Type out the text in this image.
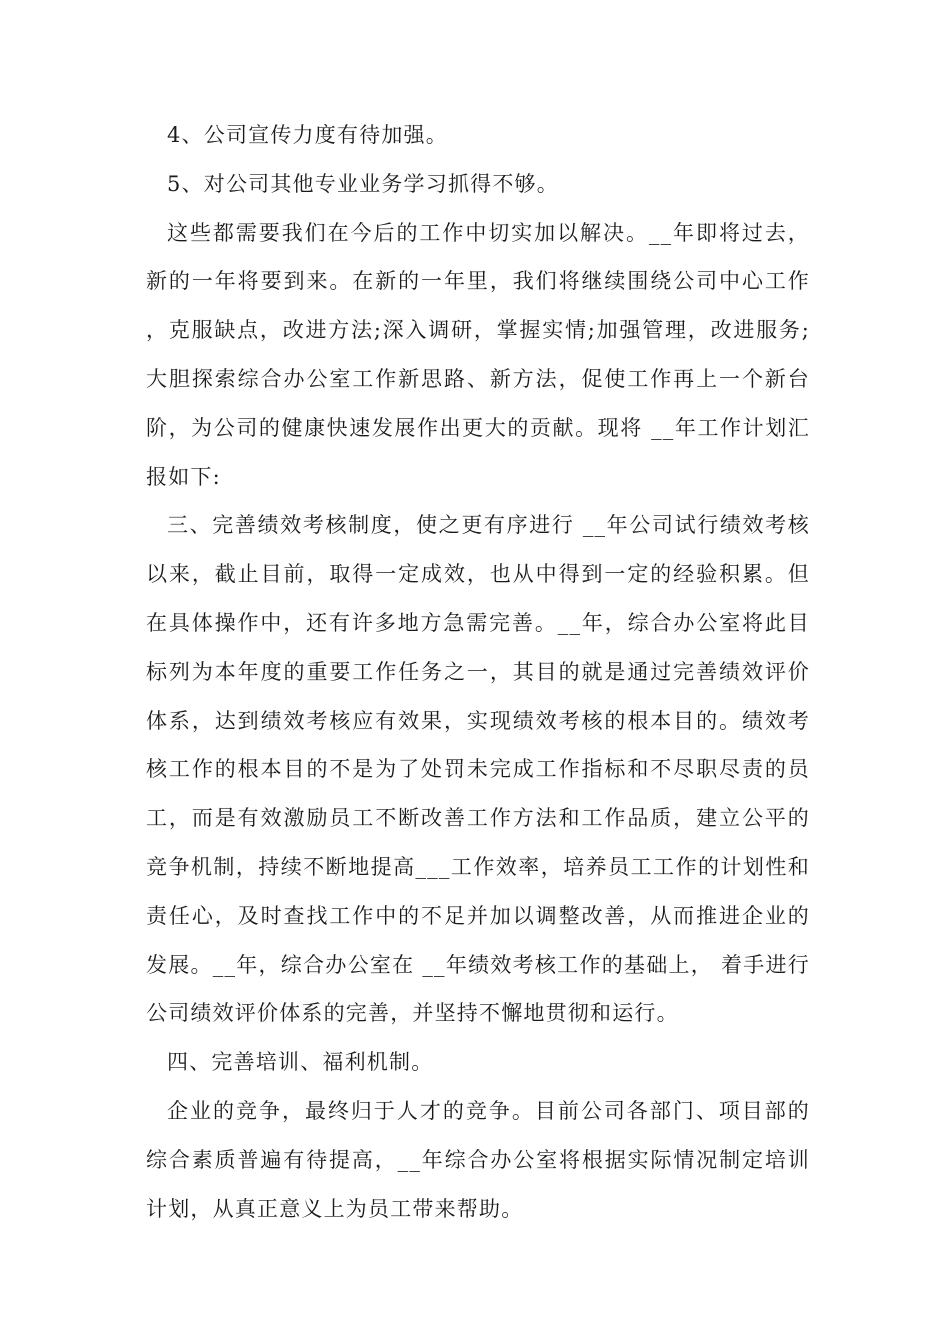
4、公司宣传力度有待加强。

5、对公司其他专业业务学习抓得不够。

这些都需要我们在今后的工作中切实加以解决。__年即将过去，新的一年将要到来。在新的一年里，我们将继续围绕公司中心工作，克服缺点，改进方法;深入调研，掌握实情;加强管理，改进服务;大胆探索综合办公室工作新思路、新方法，促使工作再上一个新台阶，为公司的健康快速发展作出更大的贡献。现将 __年工作计划汇报如下:

三、完善绩效考核制度，使之更有序进行 __年公司试行绩效考核以来，截止目前，取得一定成效，也从中得到一定的经验积累。但在具体操作中，还有许多地方急需完善。__年，综合办公室将此目标列为本年度的重要工作任务之一，其目的就是通过完善绩效评价体系，达到绩效考核应有效果，实现绩效考核的根本目的。绩效考核工作的根本目的不是为了处罚未完成工作指标和不尽职尽责的员工，而是有效激励员工不断改善工作方法和工作品质，建立公平的竞争机制，持续不断地提高___工作效率，培养员工工作的计划性和责任心，及时查找工作中的不足并加以调整改善，从而推进企业的发展。__年，综合办公室在 __年绩效考核工作的基础上， 着手进行公司绩效评价体系的完善，并坚持不懈地贯彻和运行。

四、完善培训、福利机制。

企业的竞争，最终归于人才的竞争。目前公司各部门、项目部的综合素质普遍有待提高，__年综合办公室将根据实际情况制定培训计划，从真正意义上为员工带来帮助。
